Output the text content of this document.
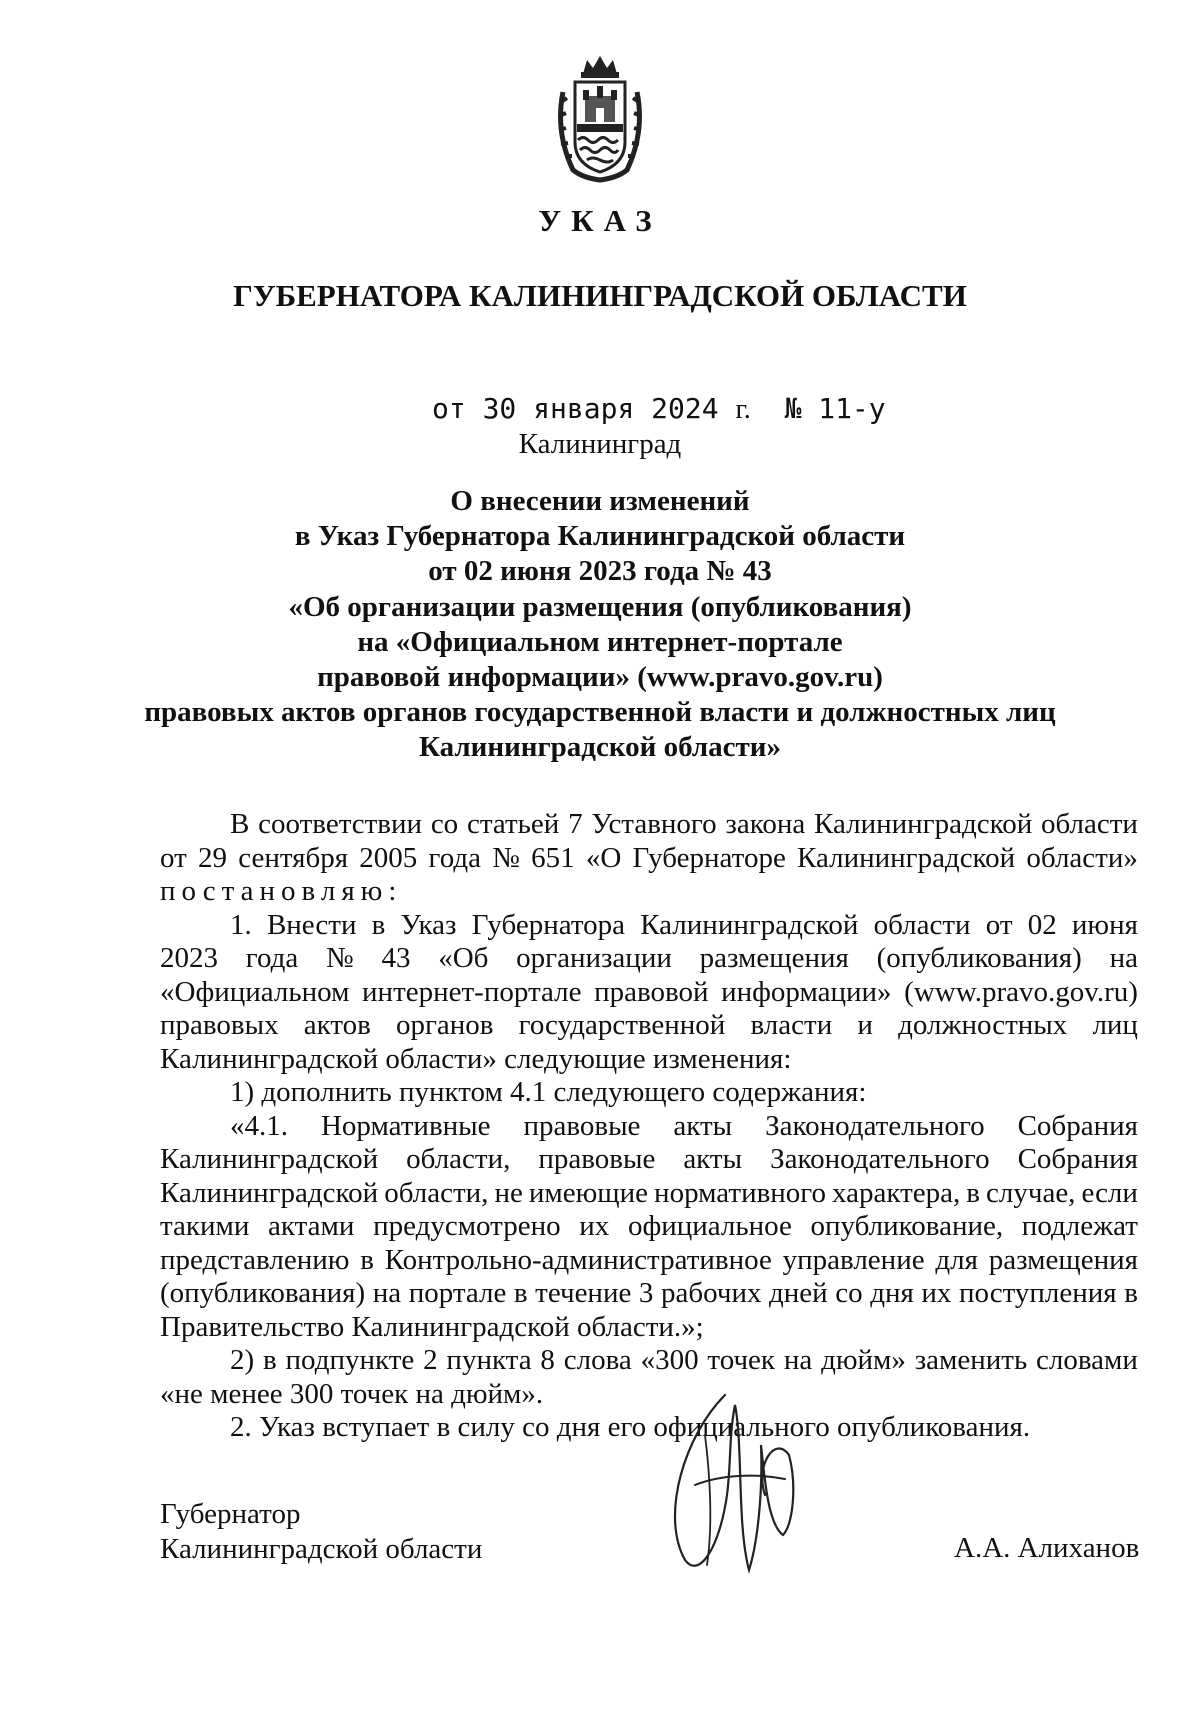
УКАЗ
ГУБЕРНАТОРА КАЛИНИНГРАДСКОЙ ОБЛАСТИ
от 30 января 2024 г. № 11-у
Калининград
О внесении изменений
в Указ Губернатора Калининградской области
от 02 июня 2023 года № 43
«Об организации размещения (опубликования)
на «Официальном интернет-портале
правовой информации» (www.pravo.gov.ru)
правовых актов органов государственной власти и должностных лиц
Калининградской области»
В соответствии со статьей 7 Уставного закона Калининградской области
от 29 сентября 2005 года № 651 «О Губернаторе Калининградской области»
постановляю:
1. Внести в Указ Губернатора Калининградской области от 02 июня
2023 года № 43 «Об организации размещения (опубликования) на
«Официальном интернет-портале правовой информации» (www.pravo.gov.ru)
правовых актов органов государственной власти и должностных лиц
Калининградской области» следующие изменения:
1) дополнить пунктом 4.1 следующего содержания:
«4.1. Нормативные правовые акты Законодательного Собрания
Калининградской области, правовые акты Законодательного Собрания
Калининградской области, не имеющие нормативного характера, в случае, если
такими актами предусмотрено их официальное опубликование, подлежат
представлению в Контрольно-административное управление для размещения
(опубликования) на портале в течение 3 рабочих дней со дня их поступления в
Правительство Калининградской области.»;
2) в подпункте 2 пункта 8 слова «300 точек на дюйм» заменить словами
«не менее 300 точек на дюйм».
2. Указ вступает в силу со дня его официального опубликования.
Губернатор
Калининградской области	А.А. Алиханов
